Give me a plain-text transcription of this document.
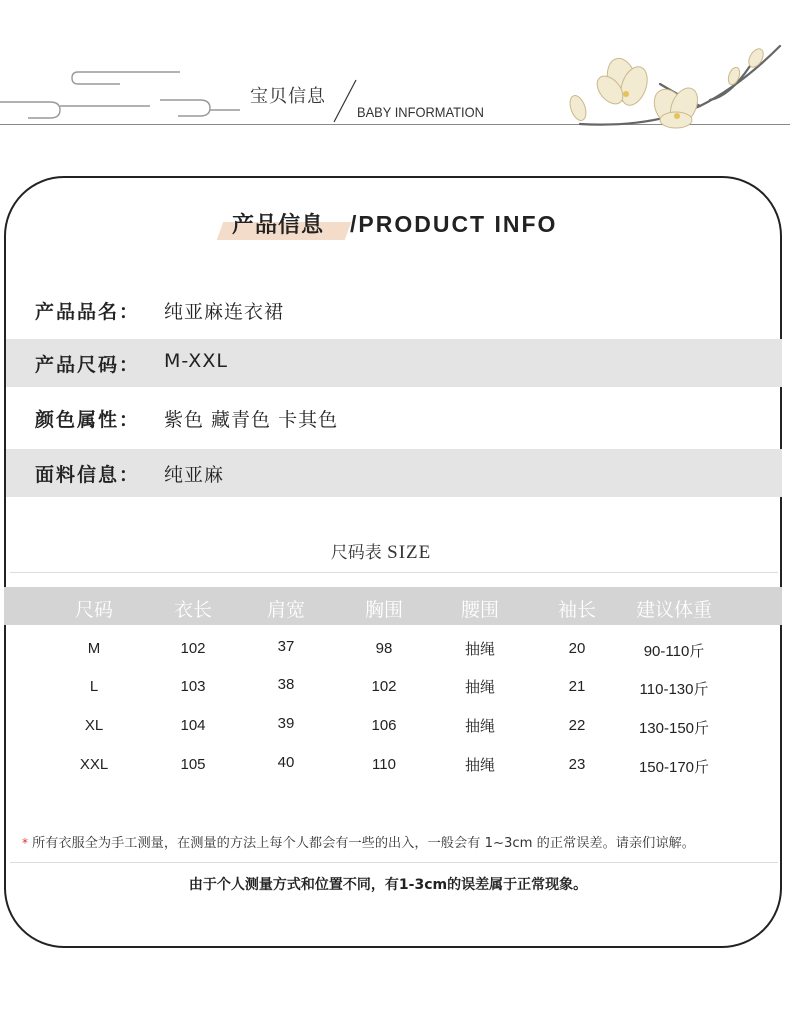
宝贝信息
BABY INFORMATION
产品信息 /PRODUCT INFO
产品品名： 纯亚麻连衣裙
产品尺码： M-XXL
颜色属性： 紫色 藏青色 卡其色
面料信息： 纯亚麻
尺码表 SIZE
尺码	衣长	肩宽	胸围	腰围	袖长 建议体重
M	102	37	98	抽绳	20	90-110斤
L	103	38	102	抽绳	21	110-130斤
XL	104	39	106	抽绳	22	130-150斤
XXL	105	40	110	抽绳	23	150-170斤
* 所有衣服全为手工测量，在测量的方法上每个人都会有一些的出入，一般会有 1~3cm 的正常误差。请亲们谅解。
由于个人测量方式和位置不同，有1-3cm的误差属于正常现象。
